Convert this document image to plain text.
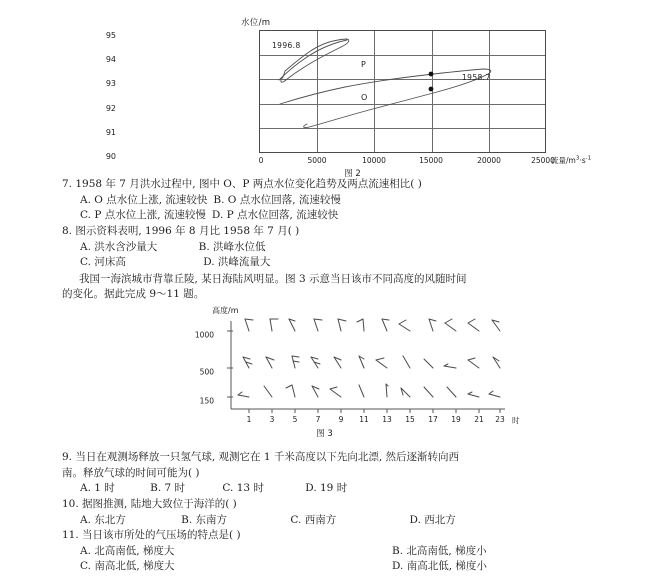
水位/m
95
94
93
92
91
90	0	5000	10000	15000	20000	25000
流量$/m^3\cdot s^{-1}$
1996.8
1958.7
P
O
图 2
7. 1958 年 7 月洪水过程中, 图中 O、P 两点水位变化趋势及两点流速相比( )
A. O 点水位上涨, 流速较快 B. O 点水位回落, 流速较慢
C. P 点水位上涨, 流速较慢 D. P 点水位回落, 流速较快
8. 图示资料表明, 1996 年 8 月比 1958 年 7 月( )
A. 洪水含沙量大	B. 洪峰水位低
C. 河床高	D. 洪峰流量大
我国一海滨城市背靠丘陵, 某日海陆风明显。图 3 示意当日该市不同高度的风随时间
的变化。据此完成 9～11 题。
高度/m
1000
500
150
1 3 5 7 9 11 13 15 17 19 21 23 时
图 3
9. 当日在观测场释放一只氢气球, 观测它在 1 千米高度以下先向北漂, 然后逐渐转向西
南。释放气球的时间可能为( )
A. 1 时	B. 7 时	C. 13 时	D. 19 时
10. 据图推测, 陆地大致位于海洋的( )
A. 东北方	B. 东南方	C. 西南方	D. 西北方
11. 当日该市所处的气压场的特点是( )
A. 北高南低, 梯度大	B. 北高南低, 梯度小
C. 南高北低, 梯度大	D. 南高北低, 梯度小
